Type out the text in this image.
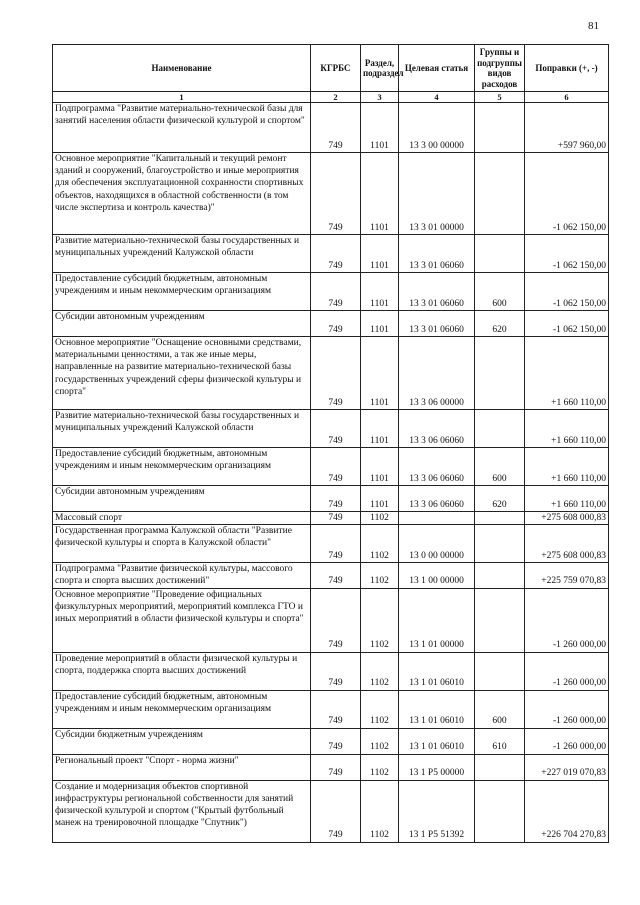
81
Наименование	КГРБС	Раздел, подраздел	Целевая статья	Группы и подгруппы видов расходов	Поправки (+, -)
1	2	3	4	5	6
Подпрограмма "Развитие материально-технической базы для занятий населения области физической культурой и спортом"	749	1101	13 3 00 00000		+597 960,00
Основное мероприятие "Капитальный и текущий ремонт зданий и сооружений, благоустройство и иные мероприятия для обеспечения эксплуатационной сохранности спортивных объектов, находящихся в областной собственности (в том числе экспертиза и контроль качества)"	749	1101	13 3 01 00000		-1 062 150,00
Развитие материально-технической базы государственных и муниципальных учреждений Калужской области	749	1101	13 3 01 06060		-1 062 150,00
Предоставление субсидий бюджетным, автономным учреждениям и иным некоммерческим организациям	749	1101	13 3 01 06060	600	-1 062 150,00
Субсидии автономным учреждениям	749	1101	13 3 01 06060	620	-1 062 150,00
Основное мероприятие "Оснащение основными средствами, материальными ценностями, а так же иные меры, направленные на развитие материально-технической базы государственных учреждений сферы физической культуры и спорта"	749	1101	13 3 06 00000		+1 660 110,00
Развитие материально-технической базы государственных и муниципальных учреждений Калужской области	749	1101	13 3 06 06060		+1 660 110,00
Предоставление субсидий бюджетным, автономным учреждениям и иным некоммерческим организациям	749	1101	13 3 06 06060	600	+1 660 110,00
Субсидии автономным учреждениям	749	1101	13 3 06 06060	620	+1 660 110,00
Массовый спорт	749	1102			+275 608 000,83
Государственная программа Калужской области "Развитие физической культуры и спорта в Калужской области"	749	1102	13 0 00 00000		+275 608 000,83
Подпрограмма "Развитие физической культуры, массового спорта и спорта высших достижений"	749	1102	13 1 00 00000		+225 759 070,83
Основное мероприятие "Проведение официальных физкультурных мероприятий, мероприятий комплекса ГТО и иных мероприятий в области физической культуры и спорта"	749	1102	13 1 01 00000		-1 260 000,00
Проведение мероприятий в области физической культуры и спорта, поддержка спорта высших достижений	749	1102	13 1 01 06010		-1 260 000,00
Предоставление субсидий бюджетным, автономным учреждениям и иным некоммерческим организациям	749	1102	13 1 01 06010	600	-1 260 000,00
Субсидии бюджетным учреждениям	749	1102	13 1 01 06010	610	-1 260 000,00
Региональный проект "Спорт - норма жизни"	749	1102	13 1 P5 00000		+227 019 070,83
Создание и модернизация объектов спортивной инфраструктуры региональной собственности для занятий физической культурой и спортом ("Крытый футбольный манеж на тренировочной площадке "Спутник")	749	1102	13 1 P5 51392		+226 704 270,83
